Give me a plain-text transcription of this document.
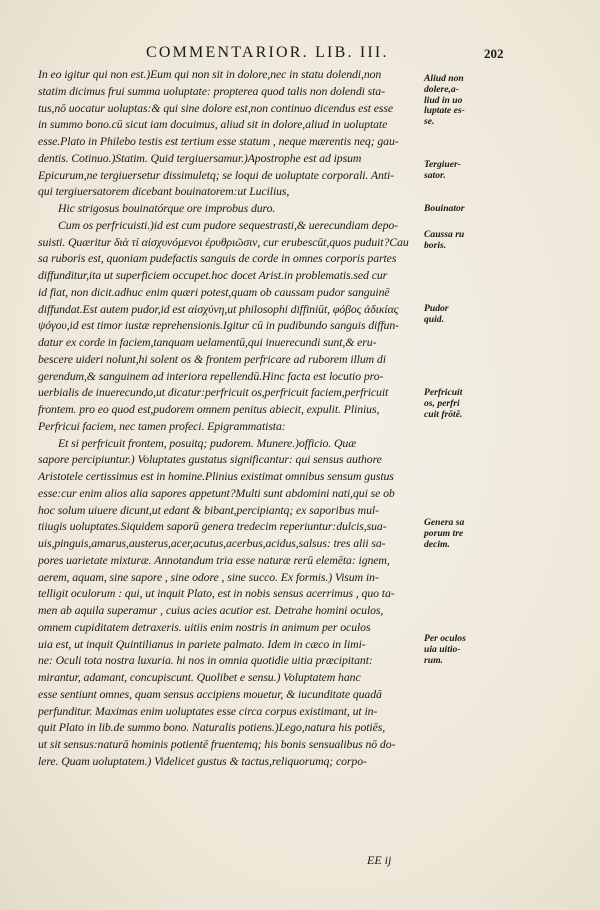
COMMENTARIOR. LIB. III.	202
In eo igitur qui non est.)Eum qui non sit in dolore,nec in statu dolendi,non
statim dicimus frui summa uoluptate: propterea quod talis non dolendi sta-
tus,nō uocatur uoluptas:& qui sine dolore est,non continuo dicendus est esse
in summo bono.cū sicut iam docuimus, aliud sit in dolore,aliud in uoluptate
esse.Plato in Philebo testis est tertium esse statum , neque mærentis neq; gau-
dentis. Cotinuo.)Statim. Quid tergiuersamur.)Apostrophe est ad ipsum
Epicurum,ne tergiuersetur dissimuletq; se loqui de uoluptate corporali. Anti-
qui tergiuersatorem dicebant bouinatorem:ut Lucilius,
Hic strigosus bouinatórque ore improbus duro.
Cum os perfricuisti.)id est cum pudore sequestrasti,& uerecundiam depo-
suisti. Quæritur διὰ τί αἰσχυνόμενοι ἐρυθριῶσιν, cur erubescūt,quos puduit?Cau
sa ruboris est, quoniam pudefactis sanguis de corde in omnes corporis partes
diffunditur,ita ut superficiem occupet.hoc docet Arist.in problematis.sed cur
id fiat, non dicit.adhuc enim quæri potest,quam ob caussam pudor sanguinē
diffundat.Est autem pudor,id est αἰσχύνη,ut philosophi diffiniūt, φόβος ἀδικίας
ψόγου,id est timor iustæ reprehensionis.Igitur cū in pudibundo sanguis diffun-
datur ex corde in faciem,tanquam uelamentū,qui inuerecundi sunt,& eru-
bescere uideri nolunt,hi solent os & frontem perfricare ad ruborem illum di
gerendum,& sanguinem ad interiora repellendū.Hinc facta est locutio pro-
uerbialis de inuerecundo,ut dicatur:perfricuit os,perfricuit faciem,perfricuit
frontem. pro eo quod est,pudorem omnem penitus abiecit, expulit. Plinius,
Perfricui faciem, nec tamen profeci. Epigrammatista:
Et si perfricuit frontem, posuitq; pudorem. Munere.)officio. Quæ
sapore percipiuntur.) Voluptates gustatus significantur: qui sensus authore
Aristotele certissimus est in homine.Plinius existimat omnibus sensum gustus
esse:cur enim alios alia sapores appetunt?Multi sunt abdomini nati,qui se ob
hoc solum uiuere dicunt,ut edant & bibant,percipiantq; ex saporibus mul-
tiiugis uoluptates.Siquidem saporū genera tredecim reperiuntur:dulcis,sua-
uis,pinguis,amarus,austerus,acer,acutus,acerbus,acidus,salsus: tres alii sa-
pores uarietate mixturæ. Annotandum tria esse naturæ rerū elemēta: ignem,
aerem, aquam, sine sapore , sine odore , sine succo. Ex formis.) Visum in-
telligit oculorum : qui, ut inquit Plato, est in nobis sensus acerrimus , quo ta-
men ab aquila superamur , cuius acies acutior est. Detrahe homini oculos,
omnem cupiditatem detraxeris. uitiis enim nostris in animum per oculos
uia est, ut inquit Quintilianus in pariete palmato. Idem in cæco in limi-
ne: Oculi tota nostra luxuria. hi nos in omnia quotidie uitia præcipitant:
mirantur, adamant, concupiscunt. Quolibet e sensu.) Voluptatem hanc
esse sentiunt omnes, quam sensus accipiens mouetur, & iucunditate quadā
perfunditur. Maximas enim uoluptates esse circa corpus existimant, ut in-
quit Plato in lib.de summo bono. Naturalis potiens.)Lego,natura his potiēs,
ut sit sensus:naturā hominis potientē fruentemq; his bonis sensualibus nō do-
lere. Quam uoluptatem.) Videlicet gustus & tactus,reliquorumq; corpo-
Aliud non
dolere,a-
liud in uo
luptate es-
se.
Tergiuer-
sator.
Bouinator
Caussa ru
boris.
Pudor
quid.
Perfricuit
os, perfri
cuit frōtē.
Genera sa
porum tre
decim.
Per oculos
uia uitio-
rum.
EE ij
